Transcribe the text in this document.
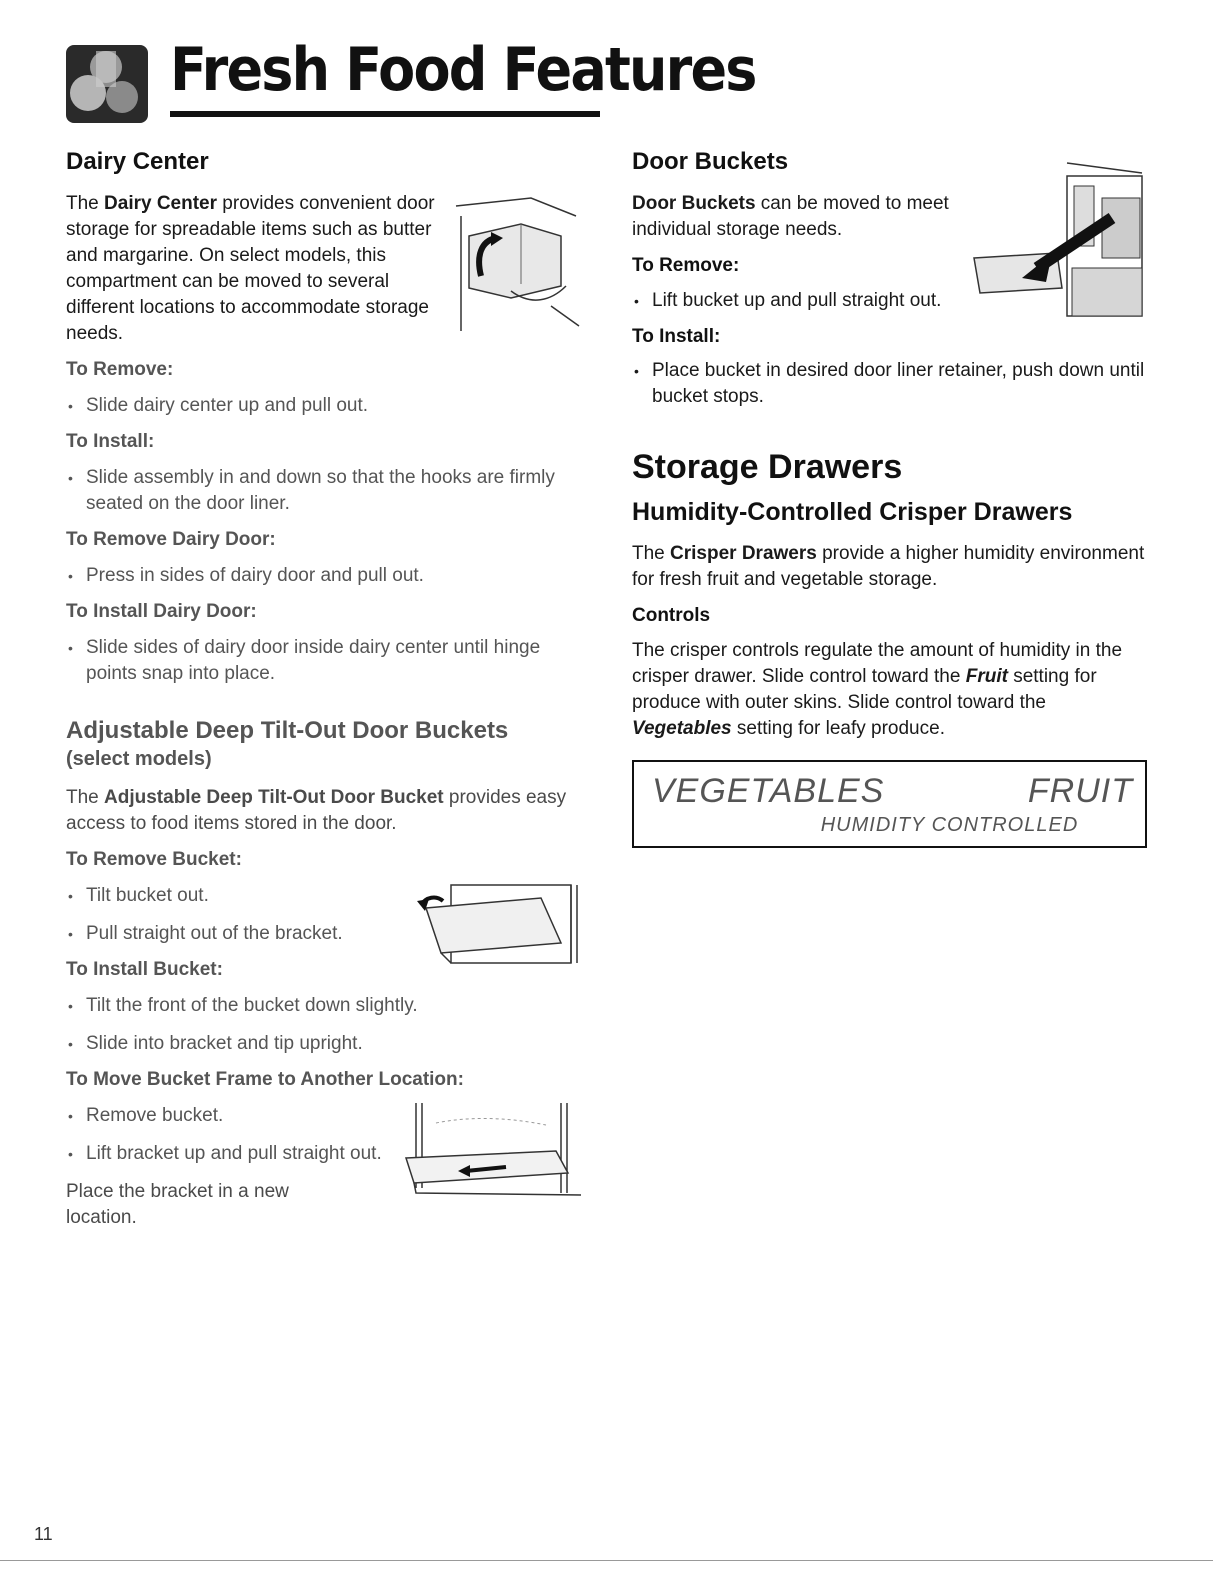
Fresh Food Features
Dairy Center

The Dairy Center provides convenient door storage for spreadable items such as butter and margarine. On select models, this compartment can be moved to several different locations to accommodate storage needs.

To Remove:
• Slide dairy center up and pull out.
To Install:
• Slide assembly in and down so that the hooks are firmly seated on the door liner.
To Remove Dairy Door:
• Press in sides of dairy door and pull out.
To Install Dairy Door:
• Slide sides of dairy door inside dairy center until hinge points snap into place.
Adjustable Deep Tilt-Out Door Buckets
(select models)

The Adjustable Deep Tilt-Out Door Bucket provides easy access to food items stored in the door.

To Remove Bucket:
• Tilt bucket out.
• Pull straight out of the bracket.
To Install Bucket:
• Tilt the front of the bucket down slightly.
• Slide into bracket and tip upright.
To Move Bucket Frame to Another Location:
• Remove bucket.
• Lift bracket up and pull straight out.

Place the bracket in a new location.

Door Buckets

Door Buckets can be moved to meet individual storage needs.

To Remove:
• Lift bucket up and pull straight out.
To Install:
• Place bucket in desired door liner retainer, push down until bucket stops.
Storage Drawers
Humidity-Controlled Crisper Drawers

The Crisper Drawers provide a higher humidity environment for fresh fruit and vegetable storage.

Controls

The crisper controls regulate the amount of humidity in the crisper drawer. Slide control toward the Fruit setting for produce with outer skins. Slide control toward the Vegetables setting for leafy produce.

VEGETABLES	FRUIT
HUMIDITY CONTROLLED
11
